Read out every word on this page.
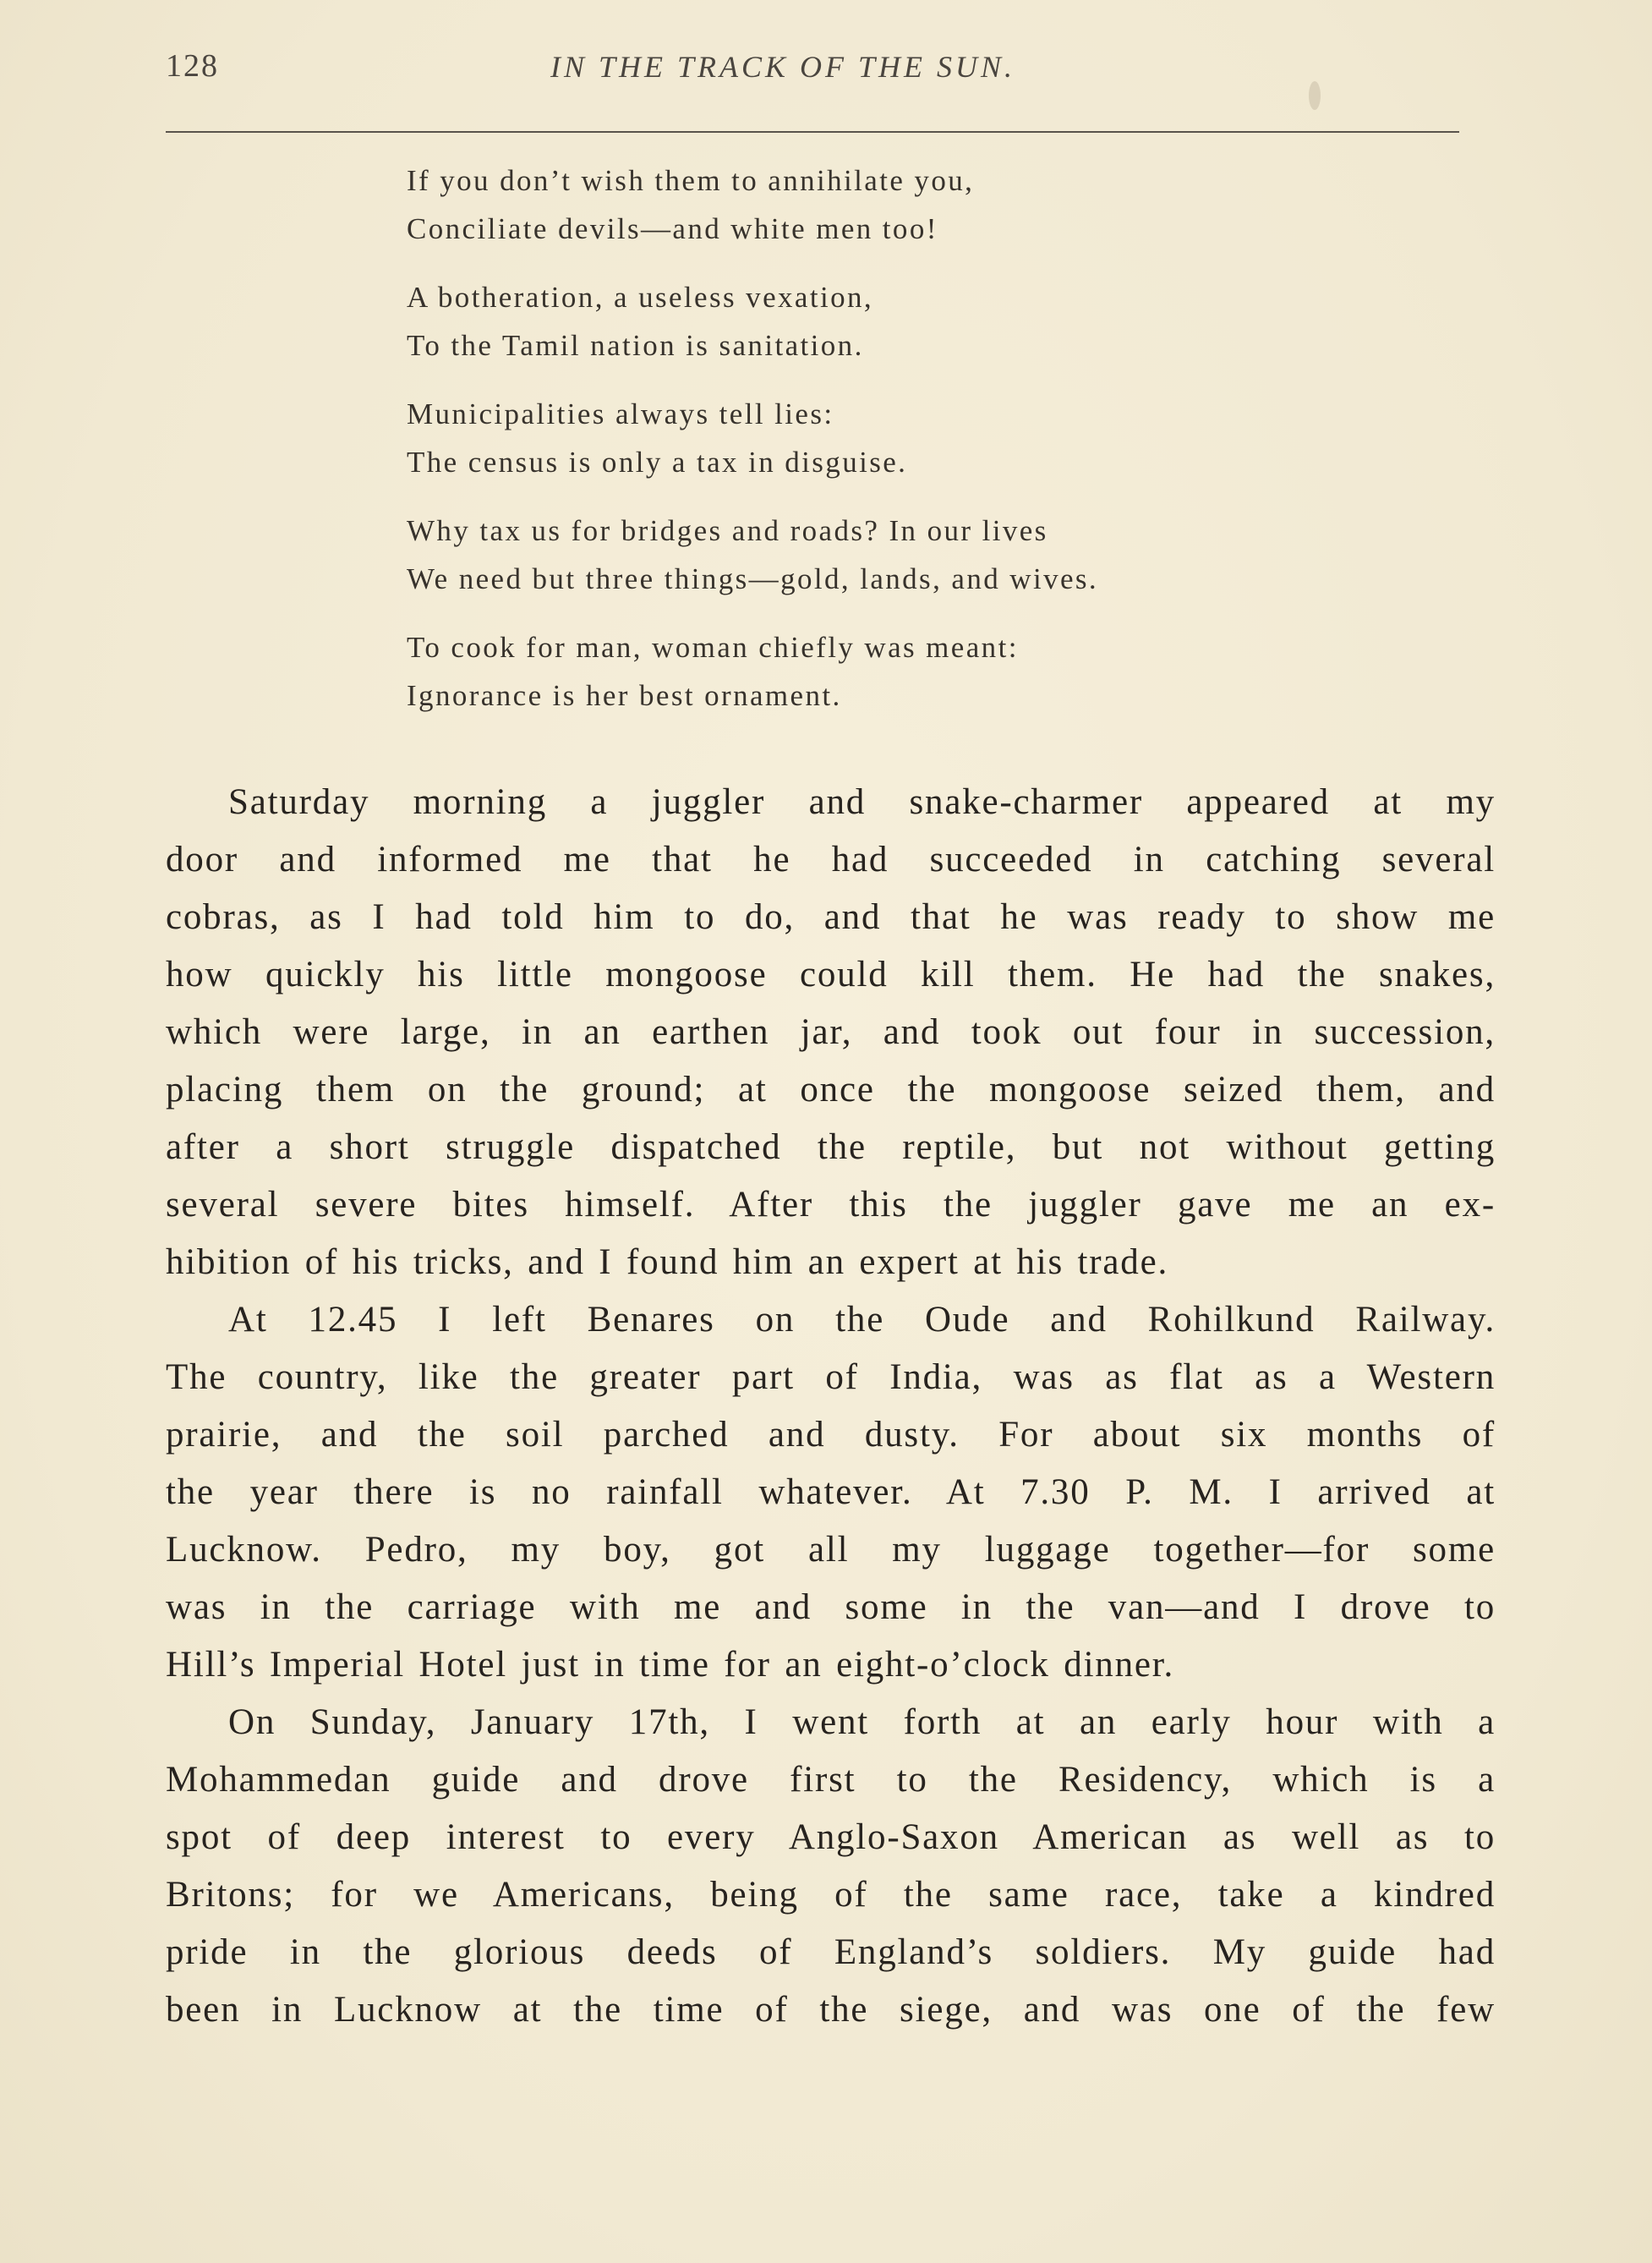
128	IN THE TRACK OF THE SUN.
If you don’t wish them to annihilate you,
Conciliate devils—and white men too!
A botheration, a useless vexation,
To the Tamil nation is sanitation.
Municipalities always tell lies:
The census is only a tax in disguise.
Why tax us for bridges and roads? In our lives
We need but three things—gold, lands, and wives.
To cook for man, woman chiefly was meant:
Ignorance is her best ornament.
Saturday morning a juggler and snake-charmer appeared at my
door and informed me that he had succeeded in catching several
cobras, as I had told him to do, and that he was ready to show me
how quickly his little mongoose could kill them. He had the snakes,
which were large, in an earthen jar, and took out four in succession,
placing them on the ground; at once the mongoose seized them, and
after a short struggle dispatched the reptile, but not without getting
several severe bites himself. After this the juggler gave me an ex-
hibition of his tricks, and I found him an expert at his trade.
At 12.45 I left Benares on the Oude and Rohilkund Railway.
The country, like the greater part of India, was as flat as a Western
prairie, and the soil parched and dusty. For about six months of
the year there is no rainfall whatever. At 7.30 P. M. I arrived at
Lucknow. Pedro, my boy, got all my luggage together—for some
was in the carriage with me and some in the van—and I drove to
Hill’s Imperial Hotel just in time for an eight-o’clock dinner.
On Sunday, January 17th, I went forth at an early hour with a
Mohammedan guide and drove first to the Residency, which is a
spot of deep interest to every Anglo-Saxon American as well as to
Britons; for we Americans, being of the same race, take a kindred
pride in the glorious deeds of England’s soldiers. My guide had
been in Lucknow at the time of the siege, and was one of the few
